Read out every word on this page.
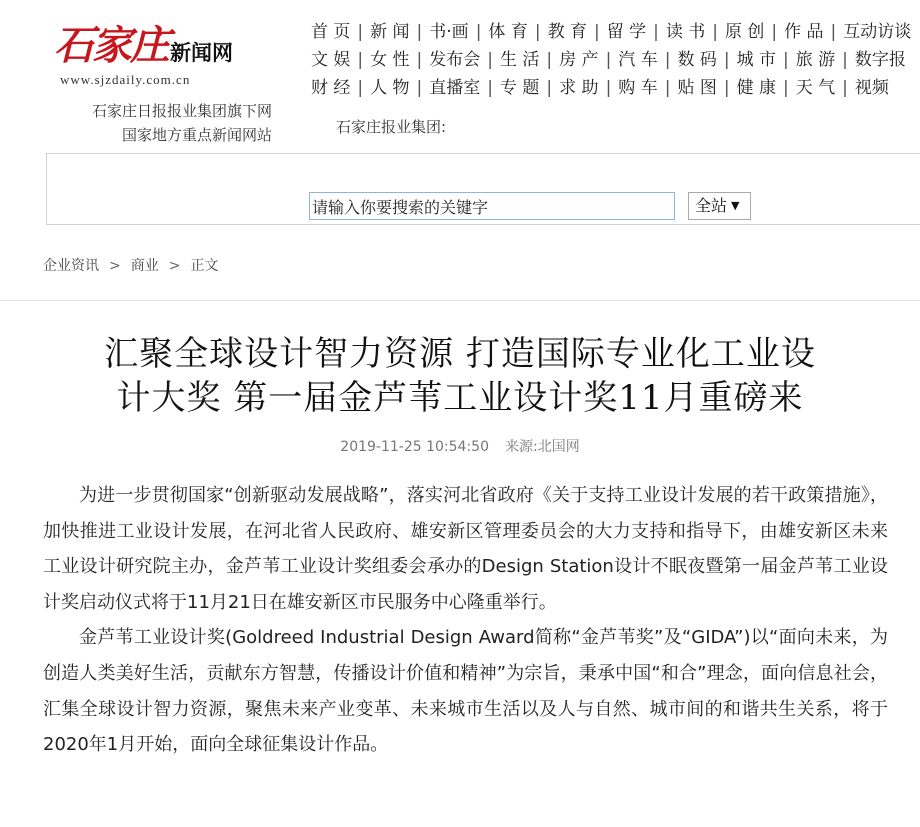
石家庄新闻网
www.sjzdaily.com.cn
石家庄日报报业集团旗下网
国家地方重点新闻网站
首 页 | 新 闻 | 书·画 | 体 育 | 教 育 | 留 学 | 读 书 | 原 创 | 作 品 | 互动访谈
文 娱 | 女 性 | 发布会 | 生 活 | 房 产 | 汽 车 | 数 码 | 城 市 | 旅 游 | 数字报
财 经 | 人 物 | 直播室 | 专 题 | 求 助 | 购 车 | 贴 图 | 健 康 | 天 气 | 视频
石家庄报业集团:
请输入你要搜索的关键字
全站 ▼
企业资讯 > 商业 > 正文
汇聚全球设计智力资源 打造国际专业化工业设
计大奖 第一届金芦苇工业设计奖11月重磅来
2019-11-25 10:54:50 来源:北国网

为进一步贯彻国家“创新驱动发展战略”，落实河北省政府《关于支持工业设计发展的若干政策措施》，加快推进工业设计发展，在河北省人民政府、雄安新区管理委员会的大力支持和指导下，由雄安新区未来工业设计研究院主办，金芦苇工业设计奖组委会承办的Design Station设计不眠夜暨第一届金芦苇工业设计奖启动仪式将于11月21日在雄安新区市民服务中心隆重举行。

金芦苇工业设计奖(Goldreed Industrial Design Award简称“金芦苇奖”及“GIDA”)以“面向未来，为创造人类美好生活，贡献东方智慧，传播设计价值和精神”为宗旨，秉承中国“和合”理念，面向信息社会，汇集全球设计智力资源，聚焦未来产业变革、未来城市生活以及人与自然、城市间的和谐共生关系，将于2020年1月开始，面向全球征集设计作品。
